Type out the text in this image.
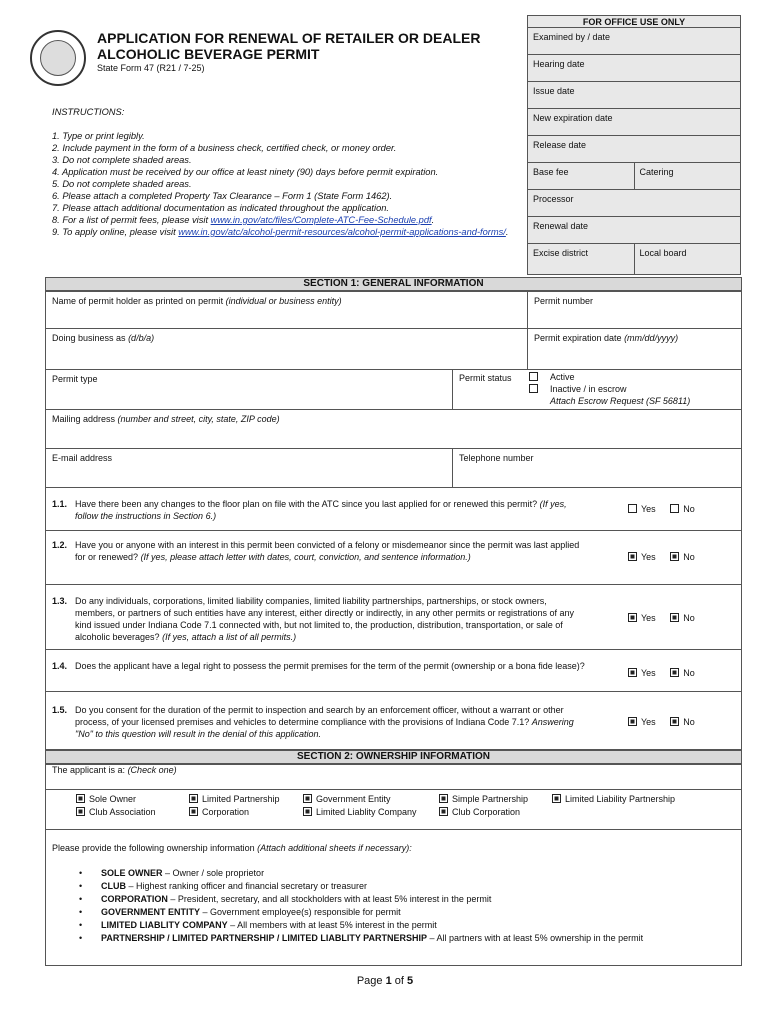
APPLICATION FOR RENEWAL OF RETAILER OR DEALER ALCOHOLIC BEVERAGE PERMIT
State Form 47 (R21 / 7-25)
FOR OFFICE USE ONLY
Examined by / date
Hearing date
Issue date
New expiration date
Release date
Base fee	Catering
Processor
Renewal date
Excise district	Local board
INSTRUCTIONS:
1. Type or print legibly.
2. Include payment in the form of a business check, certified check, or money order.
3. Do not complete shaded areas.
4. Application must be received by our office at least ninety (90) days before permit expiration.
5. Do not complete shaded areas.
6. Please attach a completed Property Tax Clearance – Form 1 (State Form 1462).
7. Please attach additional documentation as indicated throughout the application.
8. For a list of permit fees, please visit www.in.gov/atc/files/Complete-ATC-Fee-Schedule.pdf.
9. To apply online, please visit www.in.gov/atc/alcohol-permit-resources/alcohol-permit-applications-and-forms/.
SECTION 1: GENERAL INFORMATION
Name of permit holder as printed on permit (individual or business entity)	Permit number
Doing business as (d/b/a)	Permit expiration date (mm/dd/yyyy)
Permit type	Permit status	Active
Inactive / in escrow
Attach Escrow Request (SF 56811)
Mailing address (number and street, city, state, ZIP code)
E-mail address	Telephone number
1.1. Have there been any changes to the floor plan on file with the ATC since you last applied for or renewed this permit? (If yes, follow the instructions in Section 6.)
Yes	No
1.2. Have you or anyone with an interest in this permit been convicted of a felony or misdemeanor since the permit was last applied for or renewed? (If yes, please attach letter with dates, court, conviction, and sentence information.)	Yes	No
1.3. Do any individuals, corporations, limited liability companies, limited liability partnerships, partnerships, or stock owners, members, or partners of such entities have any interest, either directly or indirectly, in any other permits or registrations of any kind issued under Indiana Code 7.1 connected with, but not limited to, the production, distribution, transportation, or sale of alcoholic beverages? (If yes, attach a list of all permits.)
Yes	No
1.4. Does the applicant have a legal right to possess the permit premises for the term of the permit (ownership or a bona fide lease)?
Yes	No
1.5. Do you consent for the duration of the permit to inspection and search by an enforcement officer, without a warrant or other process, of your licensed premises and vehicles to determine compliance with the provisions of Indiana Code 7.1? Answering "No" to this question will result in the denial of this application.
Yes	No
SECTION 2: OWNERSHIP INFORMATION
The applicant is a: (Check one)
Sole Owner
Club Association
Limited Partnership
Corporation
Government Entity
Limited Liablity Company
Simple Partnership
Club Corporation
Limited Liability Partnership
Please provide the following ownership information (Attach additional sheets if necessary):
• SOLE OWNER – Owner / sole proprietor
• CLUB – Highest ranking officer and financial secretary or treasurer
• CORPORATION – President, secretary, and all stockholders with at least 5% interest in the permit
• GOVERNMENT ENTITY – Government employee(s) responsible for permit
• LIMITED LIABLITY COMPANY – All members with at least 5% interest in the permit
• PARTNERSHIP / LIMITED PARTNERSHIP / LIMITED LIABLITY PARTNERSHIP – All partners with at least 5% ownership in the permit
Page 1 of 5
